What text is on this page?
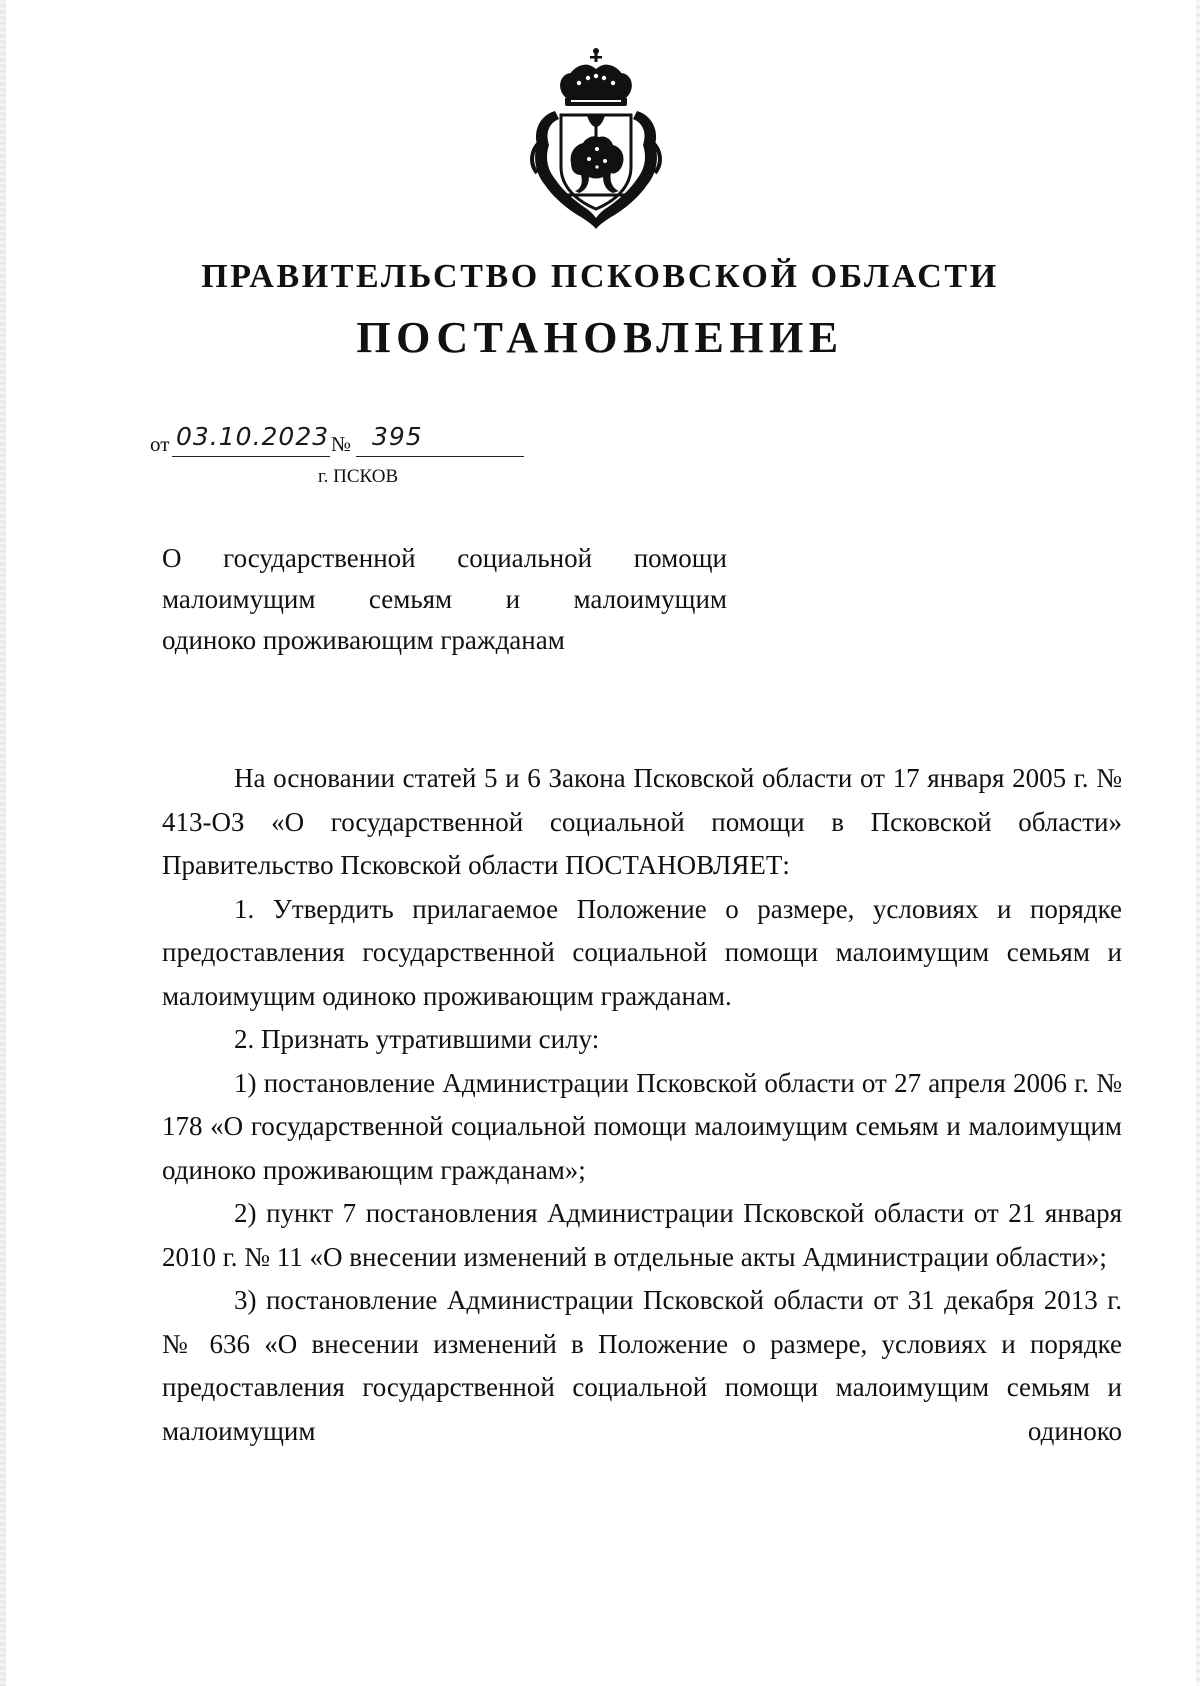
ПРАВИТЕЛЬСТВО ПСКОВСКОЙ ОБЛАСТИ
ПОСТАНОВЛЕНИЕ
от 03.10.2023 № 395
г. ПСКОВ
О государственной социальной помощи
малоимущим семьям и малоимущим
одиноко проживающим гражданам

На основании статей 5 и 6 Закона Псковской области от 17 января 2005 г. № 413-ОЗ «О государственной социальной помощи в Псковской области» Правительство Псковской области ПОСТАНОВЛЯЕТ:

1. Утвердить прилагаемое Положение о размере, условиях и порядке предоставления государственной социальной помощи малоимущим семьям и малоимущим одиноко проживающим гражданам.

2. Признать утратившими силу:

1) постановление Администрации Псковской области от 27 апреля 2006 г. № 178 «О государственной социальной помощи малоимущим семьям и малоимущим одиноко проживающим гражданам»;

2) пункт 7 постановления Администрации Псковской области от 21 января 2010 г. № 11 «О внесении изменений в отдельные акты Администрации области»;

3) постановление Администрации Псковской области от 31 декабря 2013 г. № 636 «О внесении изменений в Положение о размере, условиях и порядке предоставления государственной социальной помощи малоимущим семьям и малоимущим одиноко
